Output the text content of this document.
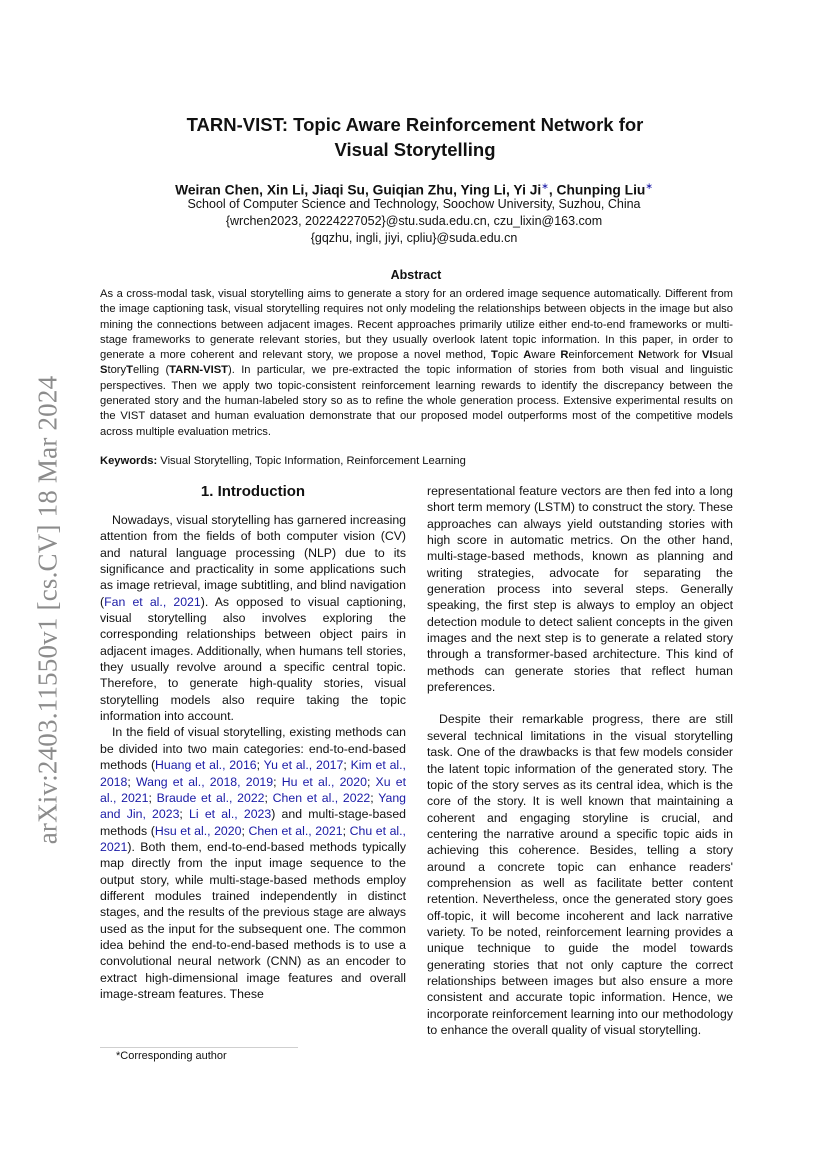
arXiv:2403.11550v1 [cs.CV] 18 Mar 2024
TARN-VIST: Topic Aware Reinforcement Network for
Visual Storytelling

Weiran Chen, Xin Li, Jiaqi Su, Guiqian Zhu, Ying Li, Yi Ji∗, Chunping Liu∗

School of Computer Science and Technology, Soochow University, Suzhou, China
{wrchen2023, 20224227052}@stu.suda.edu.cn, czu_lixin@163.com
{gqzhu, ingli, jiyi, cpliu}@suda.edu.cn
Abstract

As a cross-modal task, visual storytelling aims to generate a story for an ordered image sequence automatically. Different from the image captioning task, visual storytelling requires not only modeling the relationships between objects in the image but also mining the connections between adjacent images. Recent approaches primarily utilize either end-to-end frameworks or multi-stage frameworks to generate relevant stories, but they usually overlook latent topic information. In this paper, in order to generate a more coherent and relevant story, we propose a novel method, Topic Aware Reinforcement Network for VIsual StoryTelling (TARN-VIST). In particular, we pre-extracted the topic information of stories from both visual and linguistic perspectives. Then we apply two topic-consistent reinforcement learning rewards to identify the discrepancy between the generated story and the human-labeled story so as to refine the whole generation process. Extensive experimental results on the VIST dataset and human evaluation demonstrate that our proposed model outperforms most of the competitive models across multiple evaluation metrics.

Keywords: Visual Storytelling, Topic Information, Reinforcement Learning

1. Introduction

Nowadays, visual storytelling has garnered increasing attention from the fields of both computer vision (CV) and natural language processing (NLP) due to its significance and practicality in some applications such as image retrieval, image subtitling, and blind navigation (Fan et al., 2021). As opposed to visual captioning, visual storytelling also involves exploring the corresponding relationships between object pairs in adjacent images. Additionally, when humans tell stories, they usually revolve around a specific central topic. Therefore, to generate high-quality stories, visual storytelling models also require taking the topic information into account.

In the field of visual storytelling, existing methods can be divided into two main categories: end-to-end-based methods (Huang et al., 2016; Yu et al., 2017; Kim et al., 2018; Wang et al., 2018, 2019; Hu et al., 2020; Xu et al., 2021; Braude et al., 2022; Chen et al., 2022; Yang and Jin, 2023; Li et al., 2023) and multi-stage-based methods (Hsu et al., 2020; Chen et al., 2021; Chu et al., 2021). Both them, end-to-end-based methods typically map directly from the input image sequence to the output story, while multi-stage-based methods employ different modules trained independently in distinct stages, and the results of the previous stage are always used as the input for the subsequent one. The common idea behind the end-to-end-based methods is to use a convolutional neural network (CNN) as an encoder to extract high-dimensional image features and overall image-stream features. These

representational feature vectors are then fed into a long short term memory (LSTM) to construct the story. These approaches can always yield outstanding stories with high score in automatic metrics. On the other hand, multi-stage-based methods, known as planning and writing strategies, advocate for separating the generation process into several steps. Generally speaking, the first step is always to employ an object detection module to detect salient concepts in the given images and the next step is to generate a related story through a transformer-based architecture. This kind of methods can generate stories that reflect human preferences.

Despite their remarkable progress, there are still several technical limitations in the visual storytelling task. One of the drawbacks is that few models consider the latent topic information of the generated story. The topic of the story serves as its central idea, which is the core of the story. It is well known that maintaining a coherent and engaging storyline is crucial, and centering the narrative around a specific topic aids in achieving this coherence. Besides, telling a story around a concrete topic can enhance readers' comprehension as well as facilitate better content retention. Nevertheless, once the generated story goes off-topic, it will become incoherent and lack narrative variety. To be noted, reinforcement learning provides a unique technique to guide the model towards generating stories that not only capture the correct relationships between images but also ensure a more consistent and accurate topic information. Hence, we incorporate reinforcement learning into our methodology to enhance the overall quality of visual storytelling.

*Corresponding author
